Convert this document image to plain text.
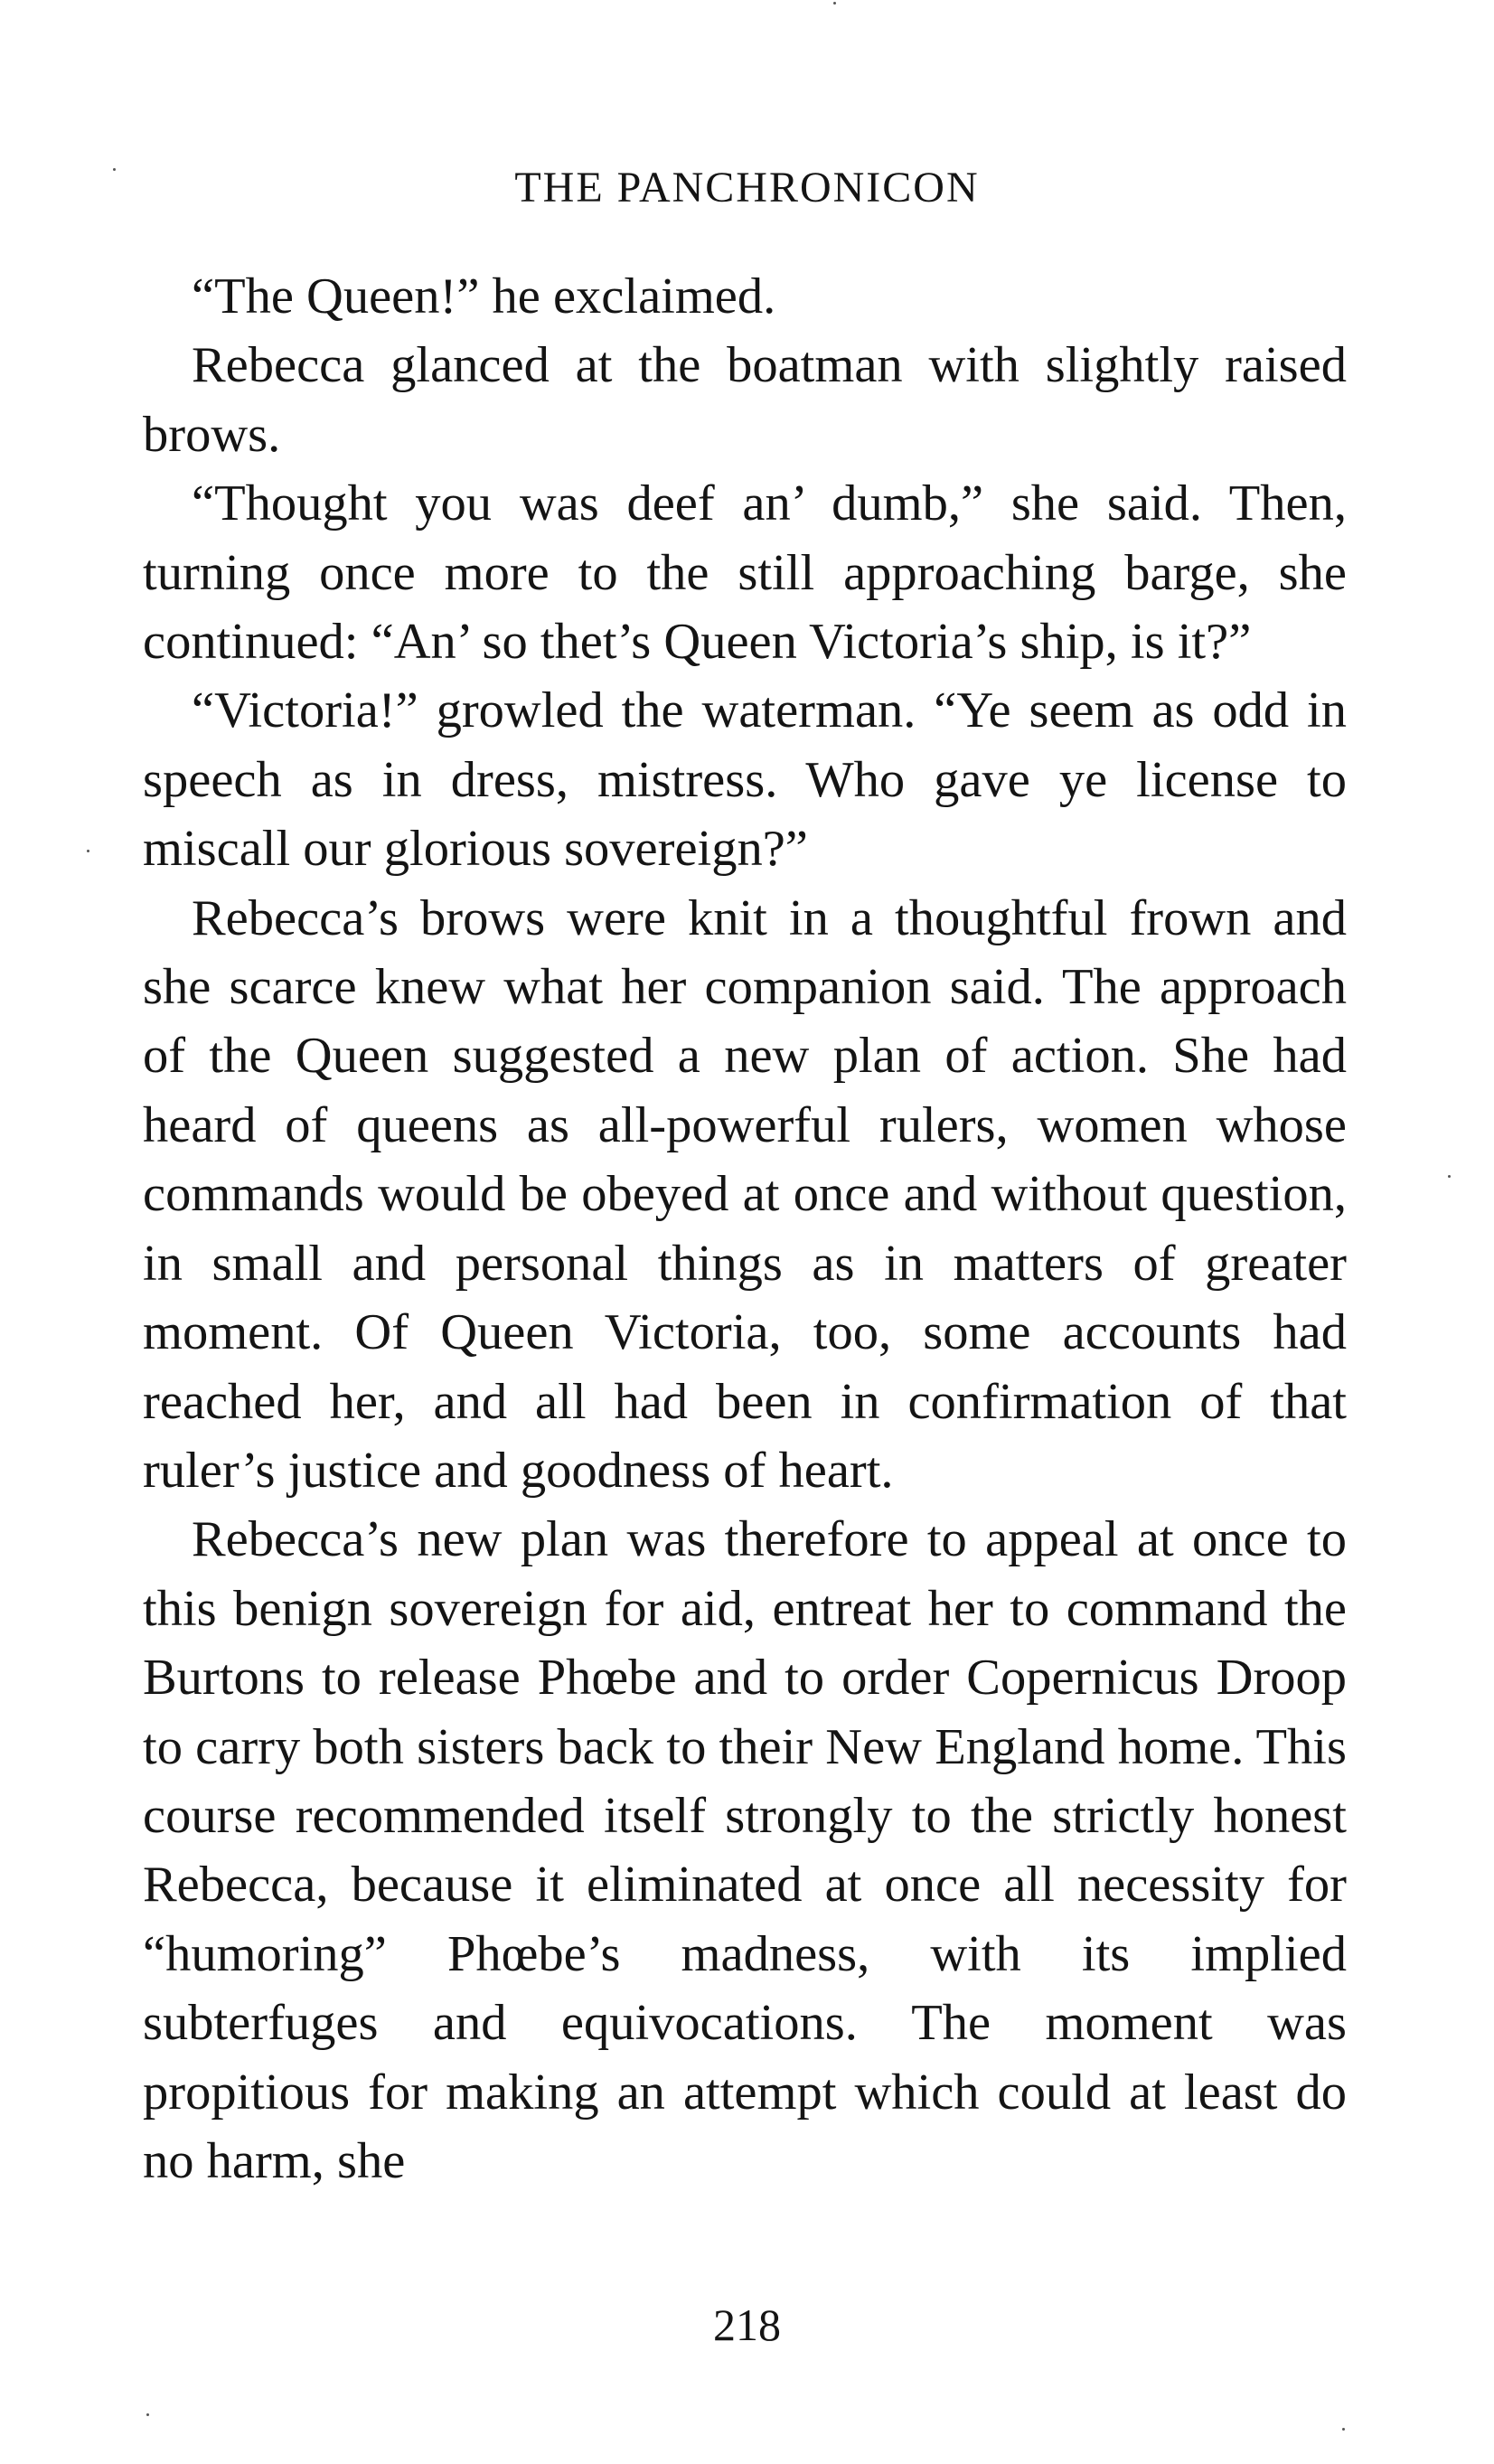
THE PANCHRONICON

“The Queen!” he exclaimed.

Rebecca glanced at the boatman with slightly raised brows.

“Thought you was deef an’ dumb,” she said. Then, turning once more to the still approaching barge, she continued: “An’ so thet’s Queen Victoria’s ship, is it?”

“Victoria!” growled the waterman. “Ye seem as odd in speech as in dress, mistress. Who gave ye license to miscall our glorious sovereign?”

Rebecca’s brows were knit in a thoughtful frown and she scarce knew what her companion said. The approach of the Queen suggested a new plan of action. She had heard of queens as all-powerful rulers, women whose commands would be obeyed at once and without question, in small and personal things as in matters of greater moment. Of Queen Victoria, too, some accounts had reached her, and all had been in confirmation of that ruler’s justice and goodness of heart.

Rebecca’s new plan was therefore to appeal at once to this benign sovereign for aid, entreat her to command the Burtons to release Phœbe and to order Copernicus Droop to carry both sisters back to their New England home. This course recommended itself strongly to the strictly honest Rebecca, because it eliminated at once all necessity for “humoring” Phœbe’s madness, with its implied subterfuges and equivocations. The moment was propitious for making an attempt which could at least do no harm, she

218
